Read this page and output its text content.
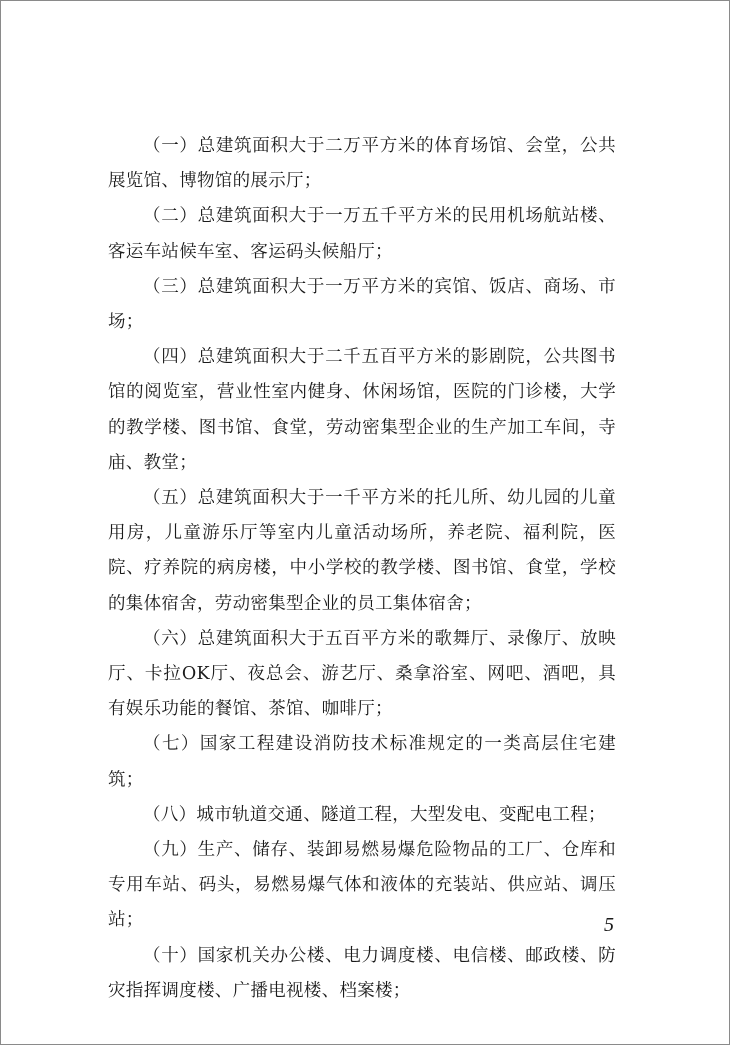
（一）总建筑面积大于二万平方米的体育场馆、会堂，公共展览馆、博物馆的展示厅；

（二）总建筑面积大于一万五千平方米的民用机场航站楼、客运车站候车室、客运码头候船厅；

（三）总建筑面积大于一万平方米的宾馆、饭店、商场、市场；

（四）总建筑面积大于二千五百平方米的影剧院，公共图书馆的阅览室，营业性室内健身、休闲场馆，医院的门诊楼，大学的教学楼、图书馆、食堂，劳动密集型企业的生产加工车间，寺庙、教堂；

（五）总建筑面积大于一千平方米的托儿所、幼儿园的儿童用房，儿童游乐厅等室内儿童活动场所，养老院、福利院，医院、疗养院的病房楼，中小学校的教学楼、图书馆、食堂，学校的集体宿舍，劳动密集型企业的员工集体宿舍；

（六）总建筑面积大于五百平方米的歌舞厅、录像厅、放映厅、卡拉OK厅、夜总会、游艺厅、桑拿浴室、网吧、酒吧，具有娱乐功能的餐馆、茶馆、咖啡厅；

（七）国家工程建设消防技术标准规定的一类高层住宅建筑；

（八）城市轨道交通、隧道工程，大型发电、变配电工程；

（九）生产、储存、装卸易燃易爆危险物品的工厂、仓库和专用车站、码头，易燃易爆气体和液体的充装站、供应站、调压站；

（十）国家机关办公楼、电力调度楼、电信楼、邮政楼、防灾指挥调度楼、广播电视楼、档案楼；

5
